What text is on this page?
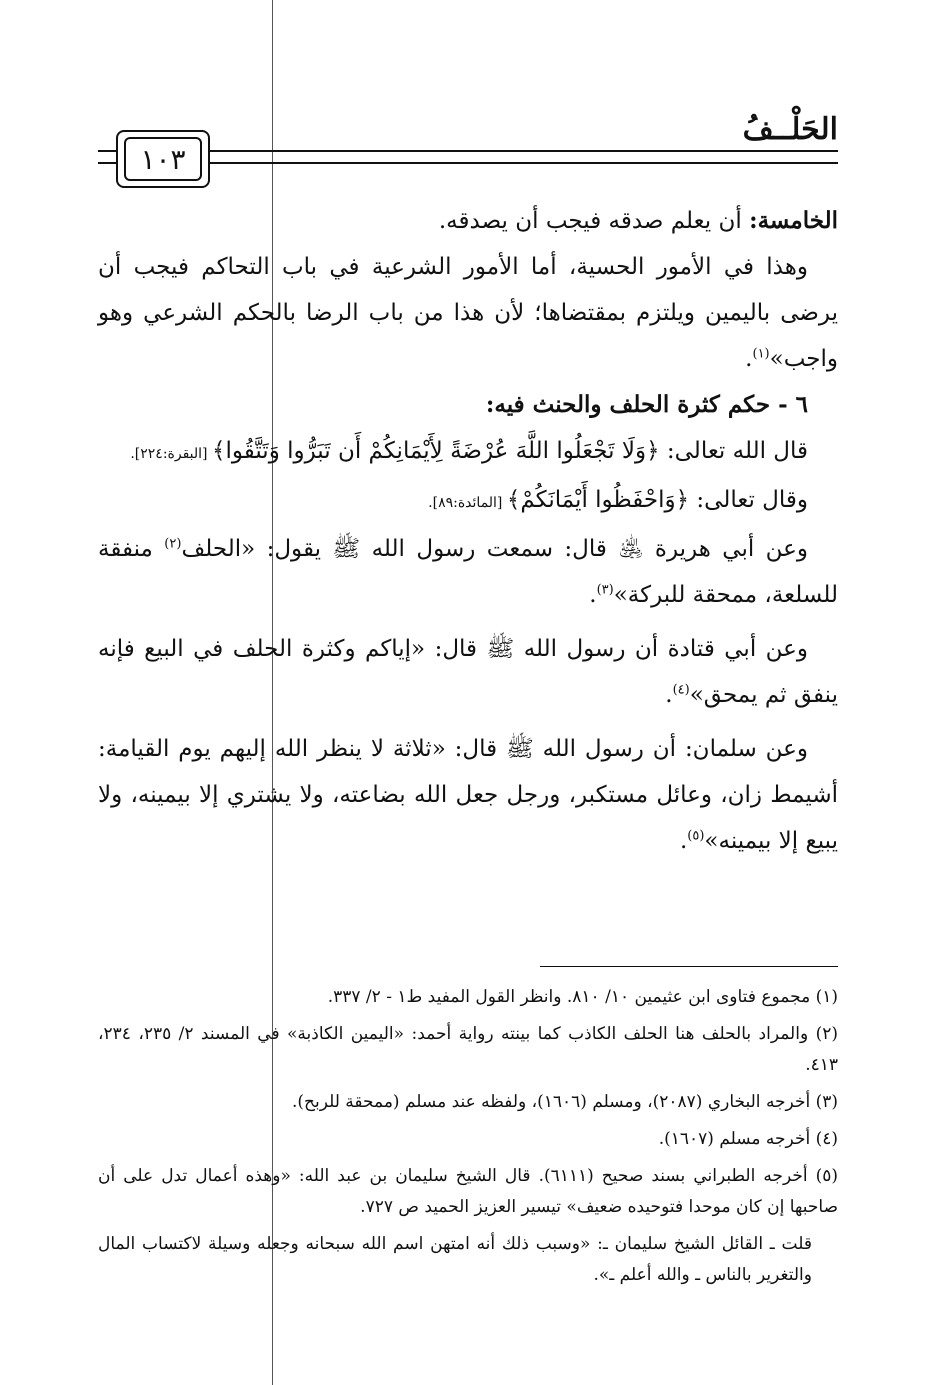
الحَلْــفُ
١٠٣

الخامسة: أن يعلم صدقه فيجب أن يصدقه.

وهذا في الأمور الحسية، أما الأمور الشرعية في باب التحاكم فيجب أن يرضى باليمين ويلتزم بمقتضاها؛ لأن هذا من باب الرضا بالحكم الشرعي وهو واجب»$^{(١)}$.

٦ - حكم كثرة الحلف والحنث فيه:

قال الله تعالى: ﴿وَلَا تَجْعَلُوا اللَّهَ عُرْضَةً لِأَيْمَانِكُمْ أَن تَبَرُّوا وَتَتَّقُوا﴾ [البقرة:٢٢٤].

وقال تعالى: ﴿وَاحْفَظُوا أَيْمَانَكُمْ﴾ [المائدة:٨٩].

وعن أبي هريرة ﵁ قال: سمعت رسول الله ﷺ يقول: «الحلف$^{(٢)}$ منفقة للسلعة، ممحقة للبركة»$^{(٣)}$.

وعن أبي قتادة أن رسول الله ﷺ قال: «إياكم وكثرة الحلف في البيع فإنه ينفق ثم يمحق»$^{(٤)}$.

وعن سلمان: أن رسول الله ﷺ قال: «ثلاثة لا ينظر الله إليهم يوم القيامة: أشيمط زان، وعائل مستكبر، ورجل جعل الله بضاعته، ولا يشتري إلا بيمينه، ولا يبيع إلا بيمينه»$^{(٥)}$.

(١) مجموع فتاوى ابن عثيمين ١٠/ ٨١٠. وانظر القول المفيد ط١ - ٢/ ٣٣٧.

(٢) والمراد بالحلف هنا الحلف الكاذب كما بينته رواية أحمد: «اليمين الكاذبة» في المسند ٢/ ٢٣٥، ٢٣٤، ٤١٣.

(٣) أخرجه البخاري (٢٠٨٧)، ومسلم (١٦٠٦)، ولفظه عند مسلم (ممحقة للربح).

(٤) أخرجه مسلم (١٦٠٧).

(٥) أخرجه الطبراني بسند صحيح (٦١١١). قال الشيخ سليمان بن عبد الله: «وهذه أعمال تدل على أن صاحبها إن كان موحدا فتوحيده ضعيف» تيسير العزيز الحميد ص ٧٢٧.

قلت ـ القائل الشيخ سليمان ـ: «وسبب ذلك أنه امتهن اسم الله سبحانه وجعله وسيلة لاكتساب المال والتغرير بالناس ـ والله أعلم ـ».
